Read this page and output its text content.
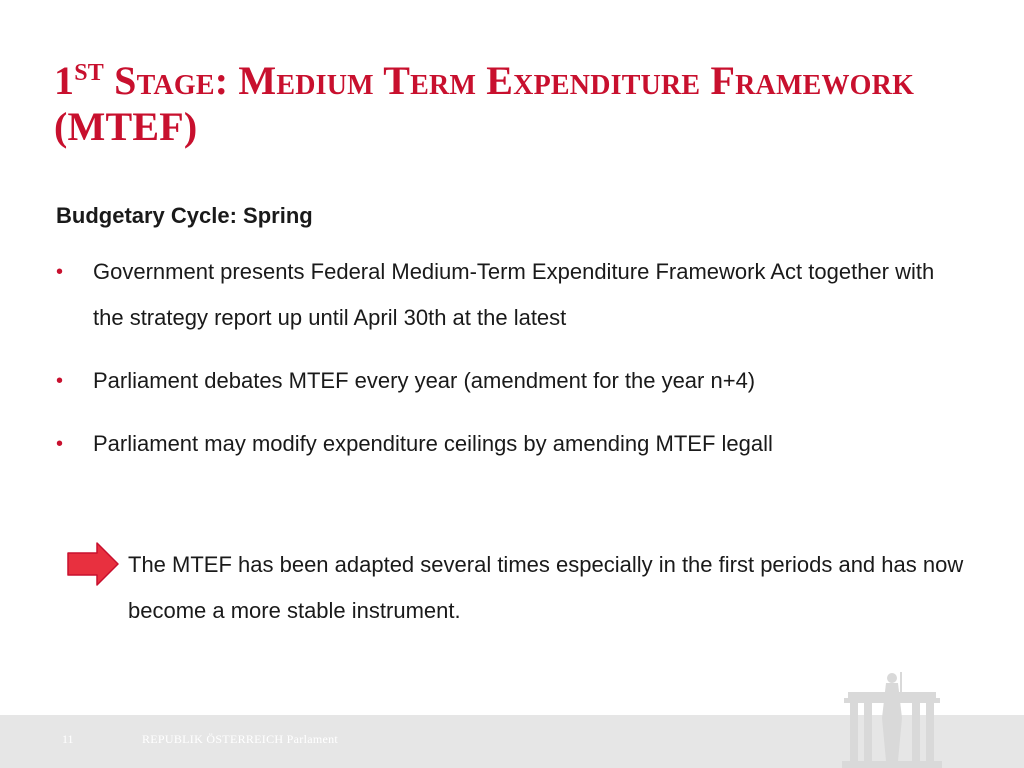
1ST Stage: Medium Term Expenditure Framework (MTEF)

Budgetary Cycle: Spring

• Government presents Federal Medium-Term Expenditure Framework Act together with the strategy report up until April 30th at the latest
• Parliament debates MTEF every year (amendment for the year n+4)
• Parliament may modify expenditure ceilings by amending MTEF legall

The MTEF has been adapted several times especially in the first periods and has now become a more stable instrument.

11	REPUBLIK ÖSTERREICH Parlament
